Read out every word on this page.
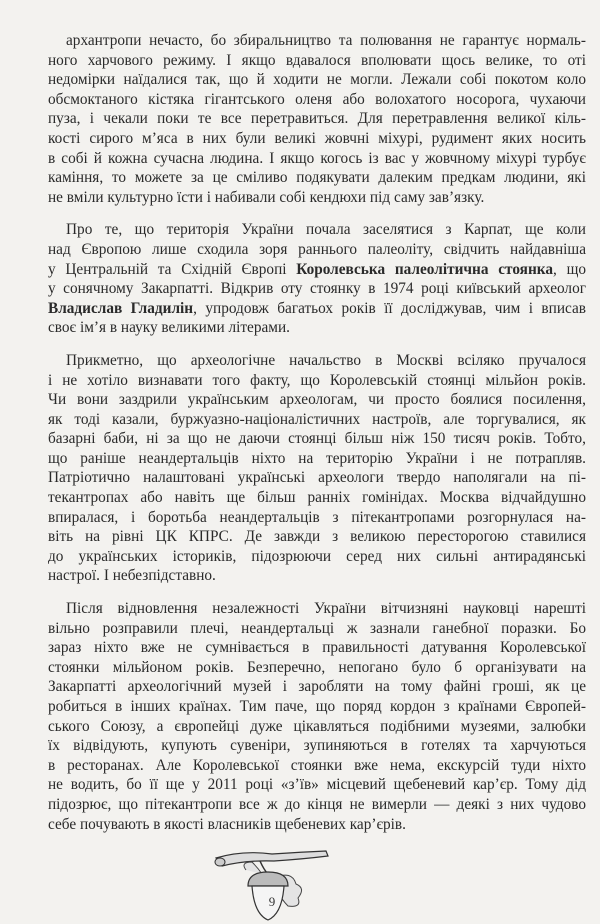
архантропи нечасто, бо збиральництво та полювання не гарантує нормаль-
ного харчового режиму. І якщо вдавалося вполювати щось велике, то оті
недомірки наїдалися так, що й ходити не могли. Лежали собі покотом коло
обсмоктаного кістяка гігантського оленя або волохатого носорога, чухаючи
пуза, і чекали поки те все перетравиться. Для перетравлення великої кіль-
кості сирого м’яса в них були великі жовчні міхурі, рудимент яких носить
в собі й кожна сучасна людина. І якщо когось із вас у жовчному міхурі турбує
каміння, то можете за це сміливо подякувати далеким предкам людини, які
не вміли культурно їсти і набивали собі кендюхи під саму зав’язку.
Про те, що територія України почала заселятися з Карпат, ще коли
над Європою лише сходила зоря раннього палеоліту, свідчить найдавніша
у Центральній та Східній Європі Королевська палеолітична стоянка, що
у сонячному Закарпатті. Відкрив оту стоянку в 1974 році київський археолог
Владислав Гладилін, упродовж багатьох років її досліджував, чим і вписав
своє ім’я в науку великими літерами.
Прикметно, що археологічне начальство в Москві всіляко пручалося
і не хотіло визнавати того факту, що Королевській стоянці мільйон років.
Чи вони заздрили українським археологам, чи просто боялися посилення,
як тоді казали, буржуазно-націоналістичних настроїв, але торгувалися, як
базарні баби, ні за що не даючи стоянці більш ніж 150 тисяч років. Тобто,
що раніше неандертальців ніхто на територію України і не потрапляв.
Патріотично налаштовані українські археологи твердо наполягали на пі-
текантропах або навіть ще більш ранніх гомінідах. Москва відчайдушно
впиралася, і боротьба неандертальців з пітекантропами розгорнулася на-
віть на рівні ЦК КПРС. Де завжди з великою пересторогою ставилися
до українських істориків, підозрюючи серед них сильні антирадянські
настрої. І небезпідставно.
Після відновлення незалежності України вітчизняні науковці нарешті
вільно розправили плечі, неандертальці ж зазнали ганебної поразки. Бо
зараз ніхто вже не сумнівається в правильності датування Королевської
стоянки мільйоном років. Безперечно, непогано було б організувати на
Закарпатті археологічний музей і заробляти на тому файні гроші, як це
робиться в інших країнах. Тим паче, що поряд кордон з країнами Європей-
ського Союзу, а європейці дуже цікавляться подібними музеями, залюбки
їх відвідують, купують сувеніри, зупиняються в готелях та харчуються
в ресторанах. Але Королевської стоянки вже нема, екскурсій туди ніхто
не водить, бо її ще у 2011 році «з’їв» місцевий щебеневий кар’єр. Тому дід
підозрює, що пітекантропи все ж до кінця не вимерли — деякі з них чудово
себе почувають в якості власників щебеневих кар’єрів.
9
